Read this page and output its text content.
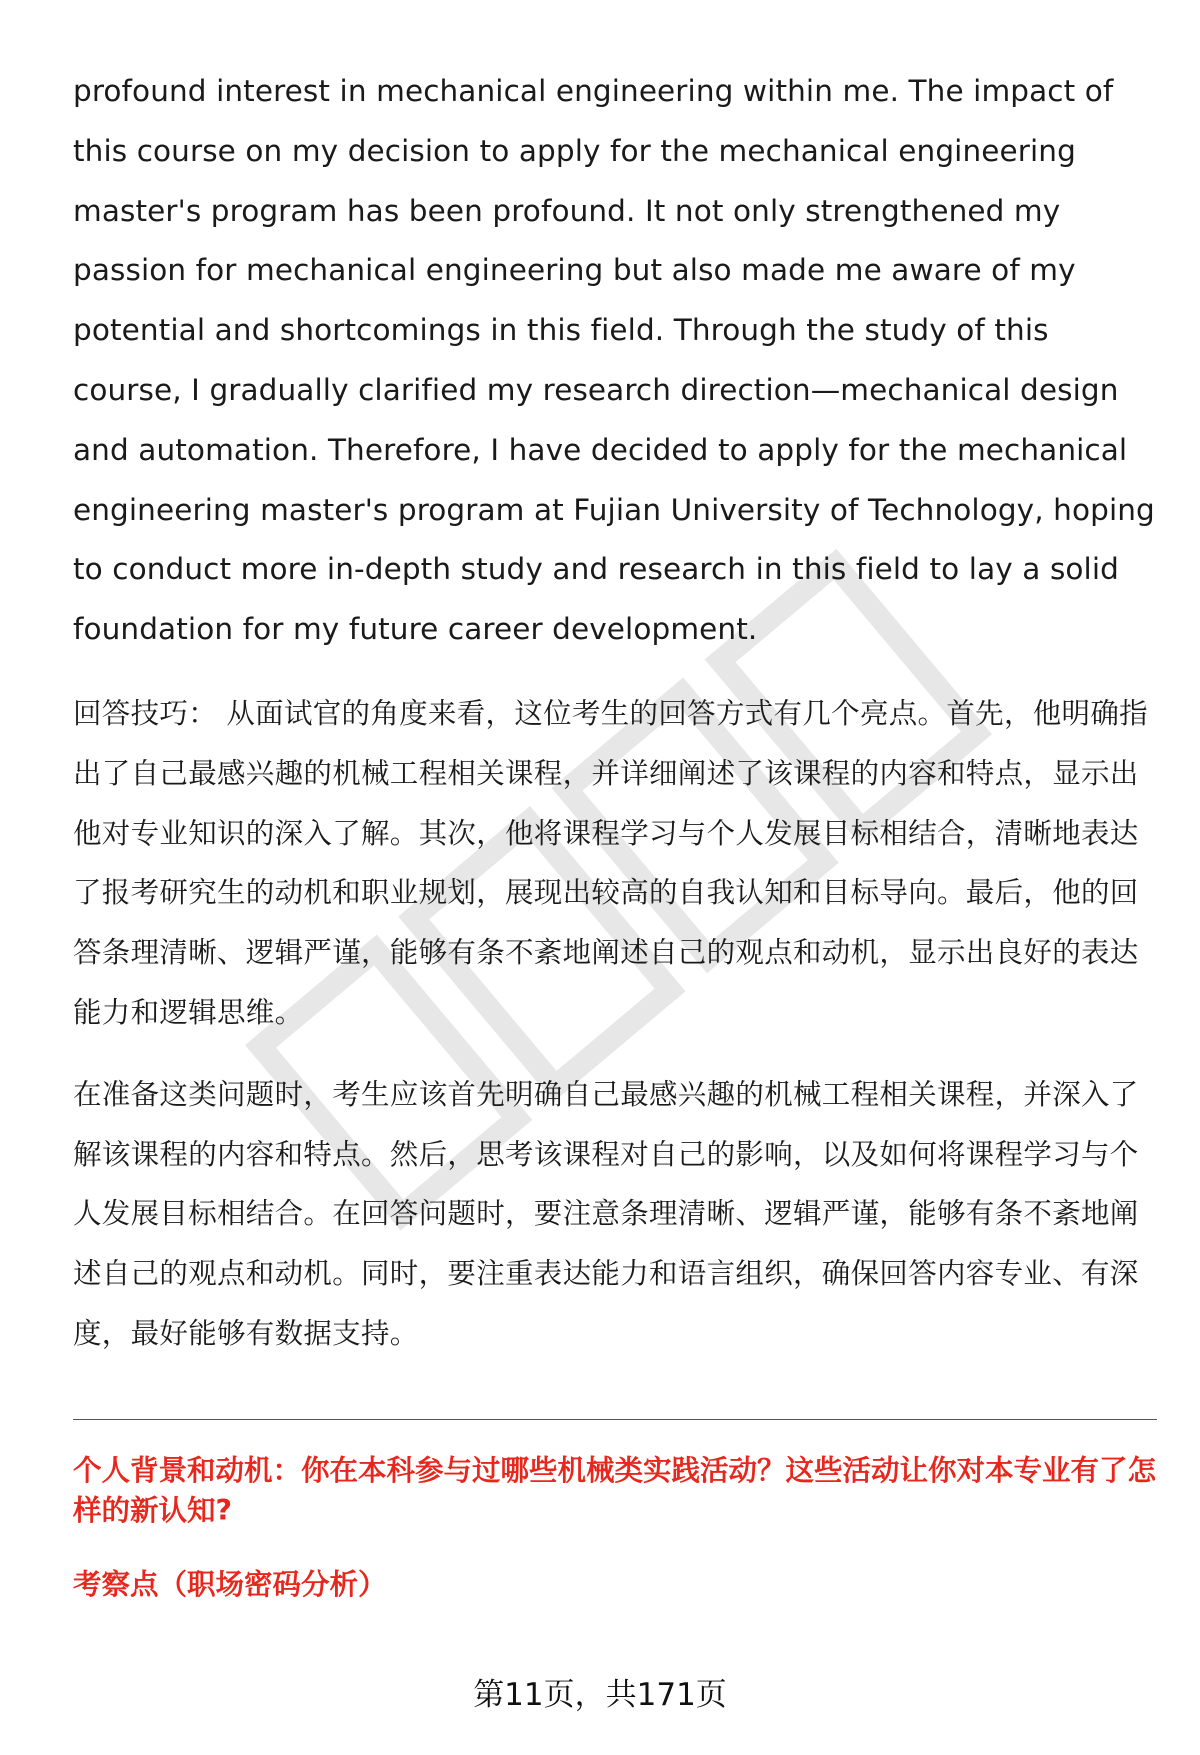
profound interest in mechanical engineering within me. The impact of this course on my decision to apply for the mechanical engineering master's program has been profound. It not only strengthened my passion for mechanical engineering but also made me aware of my potential and shortcomings in this field. Through the study of this course, I gradually clarified my research direction—mechanical design and automation. Therefore, I have decided to apply for the mechanical engineering master's program at Fujian University of Technology, hoping to conduct more in-depth study and research in this field to lay a solid foundation for my future career development.

回答技巧： 从面试官的角度来看，这位考生的回答方式有几个亮点。首先，他明确指出了自己最感兴趣的机械工程相关课程，并详细阐述了该课程的内容和特点，显示出他对专业知识的深入了解。其次，他将课程学习与个人发展目标相结合，清晰地表达了报考研究生的动机和职业规划，展现出较高的自我认知和目标导向。最后，他的回答条理清晰、逻辑严谨，能够有条不紊地阐述自己的观点和动机，显示出良好的表达能力和逻辑思维。

在准备这类问题时，考生应该首先明确自己最感兴趣的机械工程相关课程，并深入了解该课程的内容和特点。然后，思考该课程对自己的影响，以及如何将课程学习与个人发展目标相结合。在回答问题时，要注意条理清晰、逻辑严谨，能够有条不紊地阐述自己的观点和动机。同时，要注重表达能力和语言组织，确保回答内容专业、有深度，最好能够有数据支持。

个人背景和动机：你在本科参与过哪些机械类实践活动？这些活动让你对本专业有了怎样的新认知?

考察点（职场密码分析）

第11页，共171页
